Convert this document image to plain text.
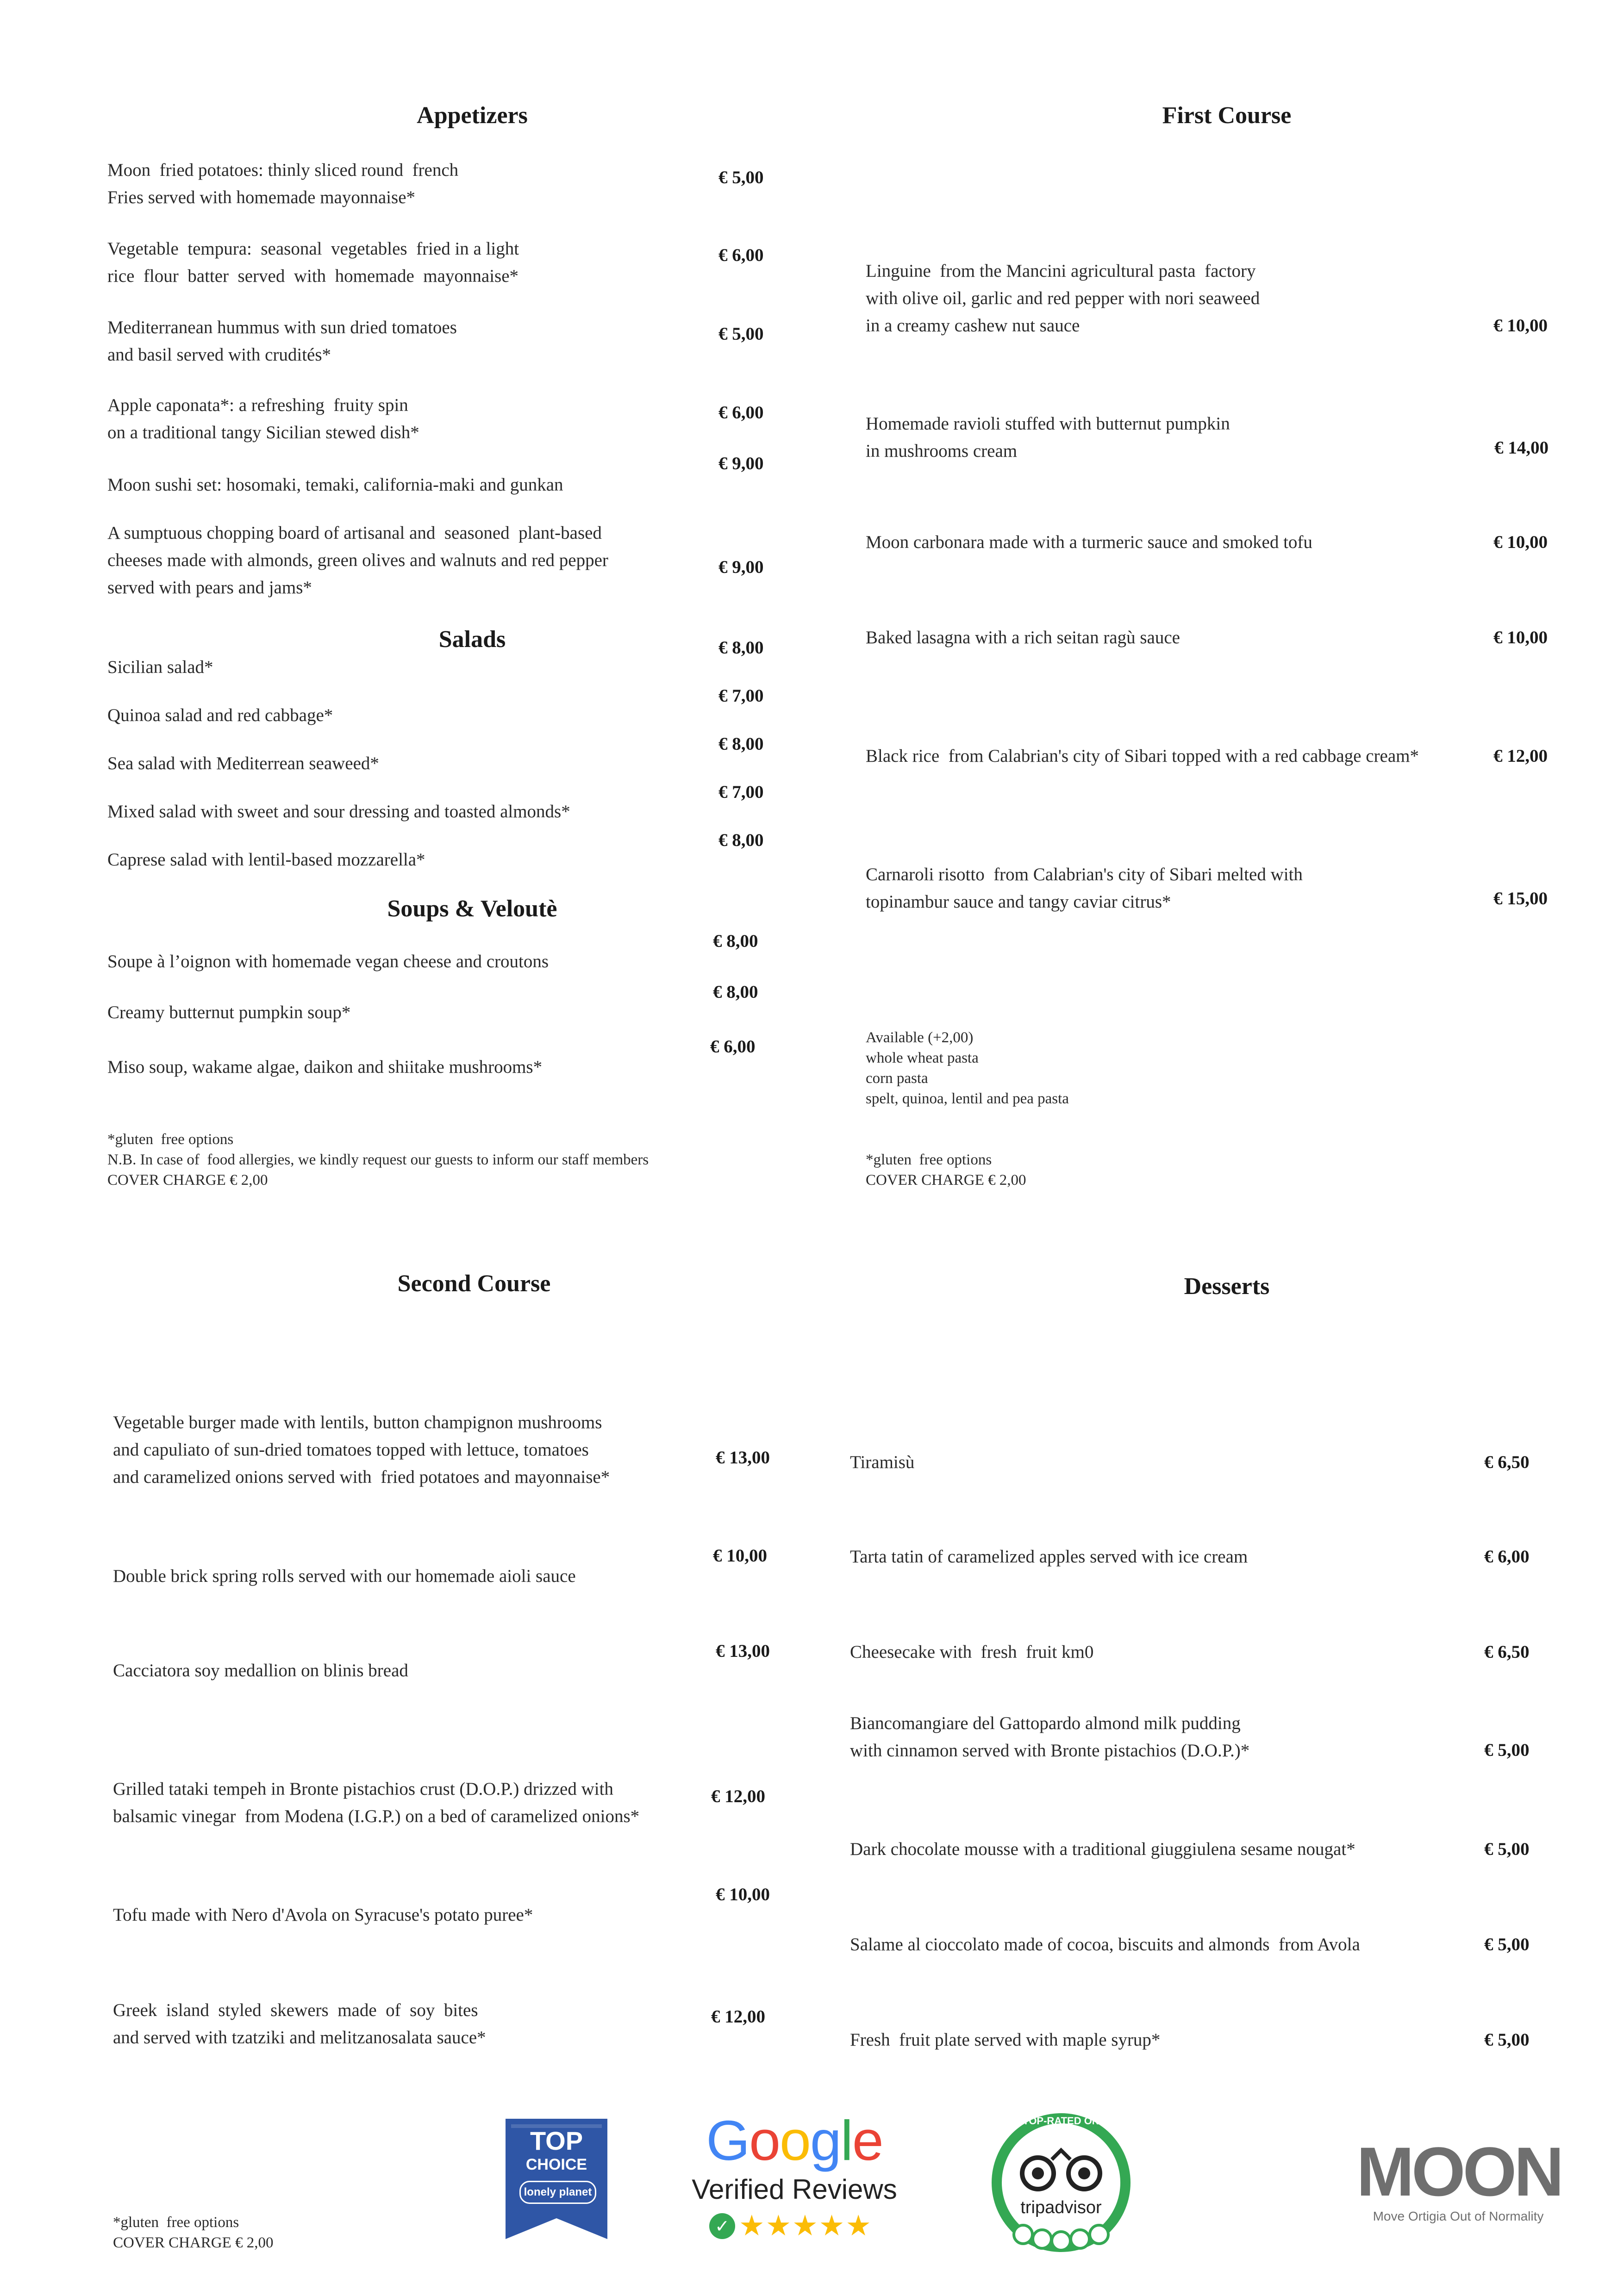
Appetizers
Moon  fried potatoes: thinly sliced round  french
Fries served with homemade mayonnaise*
€ 5,00
Vegetable  tempura:  seasonal  vegetables  fried in a light
rice  flour  batter  served  with  homemade  mayonnaise*
€ 6,00
Mediterranean hummus with sun dried tomatoes
and basil served with crudités*
€ 5,00
Apple caponata*: a refreshing  fruity spin
on a traditional tangy Sicilian stewed dish*
€ 6,00
Moon sushi set: hosomaki, temaki, california-maki and gunkan
€ 9,00
A sumptuous chopping board of artisanal and  seasoned  plant-based
cheeses made with almonds, green olives and walnuts and red pepper
served with pears and jams*
€ 9,00
Salads
Sicilian salad*
€ 8,00
Quinoa salad and red cabbage*
€ 7,00
Sea salad with Mediterrean seaweed*
€ 8,00
Mixed salad with sweet and sour dressing and toasted almonds*
€ 7,00
Caprese salad with lentil-based mozzarella*
€ 8,00
Soups & Veloutè
Soupe à l’oignon with homemade vegan cheese and croutons
€ 8,00
Creamy butternut pumpkin soup*
€ 8,00
Miso soup, wakame algae, daikon and shiitake mushrooms*
€ 6,00
*gluten  free options
N.B. In case of  food allergies, we kindly request our guests to inform our staff members
COVER CHARGE € 2,00
First Course
Linguine  from the Mancini agricultural pasta  factory
with olive oil, garlic and red pepper with nori seaweed
in a creamy cashew nut sauce	€ 10,00
Homemade ravioli stuffed with butternut pumpkin
in mushrooms cream	€ 14,00
Moon carbonara made with a turmeric sauce and smoked tofu	€ 10,00
Baked lasagna with a rich seitan ragù sauce	€ 10,00
Black rice  from Calabrian's city of Sibari topped with a red cabbage cream*	€ 12,00
Carnaroli risotto  from Calabrian's city of Sibari melted with
topinambur sauce and tangy caviar citrus*	€ 15,00
Available (+2,00)
whole wheat pasta
corn pasta
spelt, quinoa, lentil and pea pasta
*gluten  free options
COVER CHARGE € 2,00
Second Course
Vegetable burger made with lentils, button champignon mushrooms
and capuliato of sun-dried tomatoes topped with lettuce, tomatoes
and caramelized onions served with  fried potatoes and mayonnaise*
€ 13,00
Double brick spring rolls served with our homemade aioli sauce
€ 10,00
Cacciatora soy medallion on blinis bread
€ 13,00
Grilled tataki tempeh in Bronte pistachios crust (D.O.P.) drizzed with
balsamic vinegar  from Modena (I.G.P.) on a bed of caramelized onions*
€ 12,00
Tofu made with Nero d'Avola on Syracuse's potato puree*
€ 10,00
Greek  island  styled  skewers  made  of  soy  bites
and served with tzatziki and melitzanosalata sauce*
€ 12,00
*gluten  free options
COVER CHARGE € 2,00
Desserts
Tiramisù	€ 6,50
Tarta tatin of caramelized apples served with ice cream	€ 6,00
Cheesecake with  fresh  fruit km0	€ 6,50
Biancomangiare del Gattopardo almond milk pudding
with cinnamon served with Bronte pistachios (D.O.P.)*	€ 5,00
Dark chocolate mousse with a traditional giuggiulena sesame nougat*	€ 5,00
Salame al cioccolato made of cocoa, biscuits and almonds  from Avola	€ 5,00
Fresh  fruit plate served with maple syrup*	€ 5,00
TOP
CHOICE
lonely planet
Google
Verified Reviews
✓ ★★★★★
TOP-RATED ON
tripadvisor	MOON
Move Ortigia Out of Normality
